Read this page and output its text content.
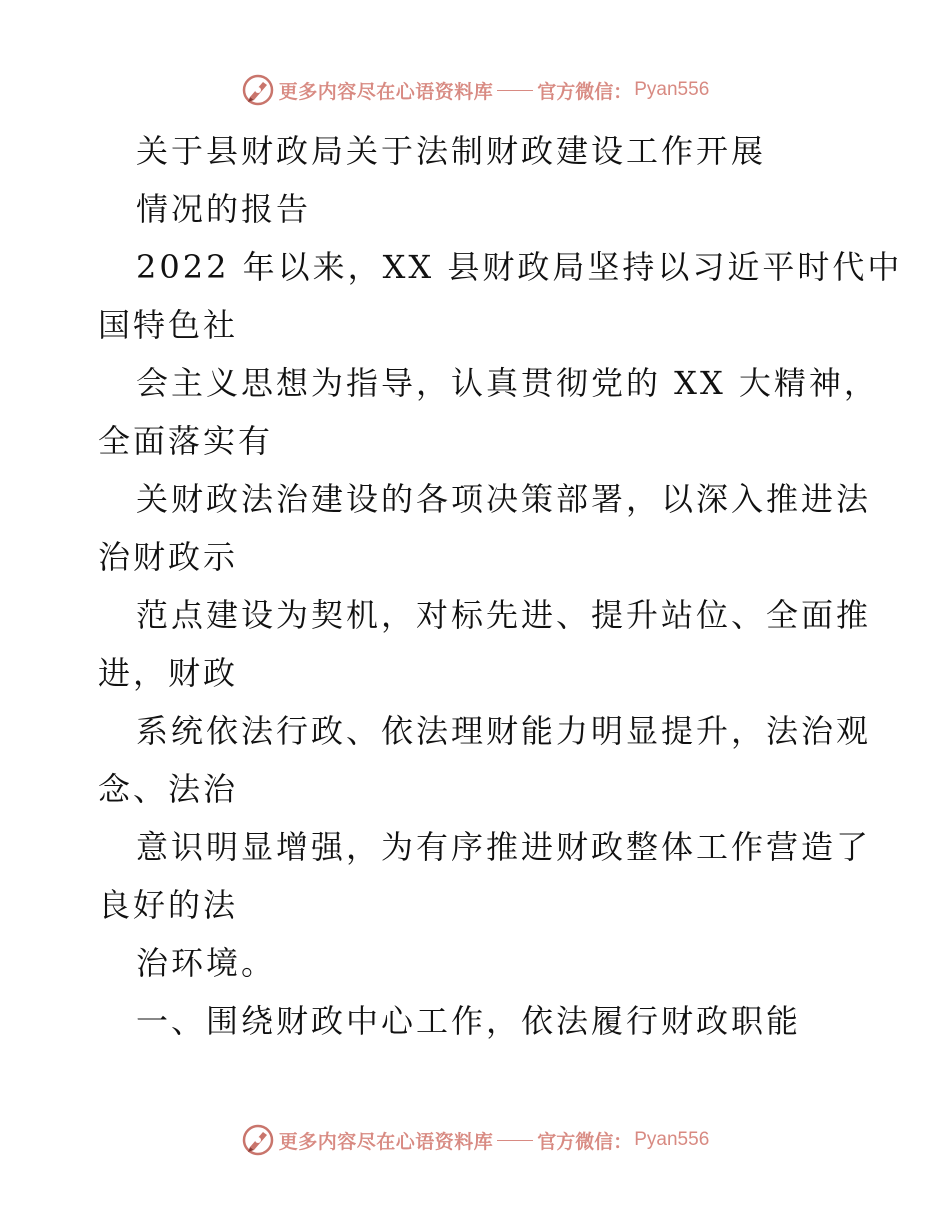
更多内容尽在心语资料库 官方微信： Pyan556
关于县财政局关于法制财政建设工作开展
情况的报告
2022 年以来，XX 县财政局坚持以习近平时代中
国特色社
会主义思想为指导，认真贯彻党的 XX 大精神，
全面落实有
关财政法治建设的各项决策部署，以深入推进法
治财政示
范点建设为契机，对标先进、提升站位、全面推
进，财政
系统依法行政、依法理财能力明显提升，法治观
念、法治
意识明显增强，为有序推进财政整体工作营造了
良好的法
治环境。
一、围绕财政中心工作，依法履行财政职能
更多内容尽在心语资料库 官方微信： Pyan556
